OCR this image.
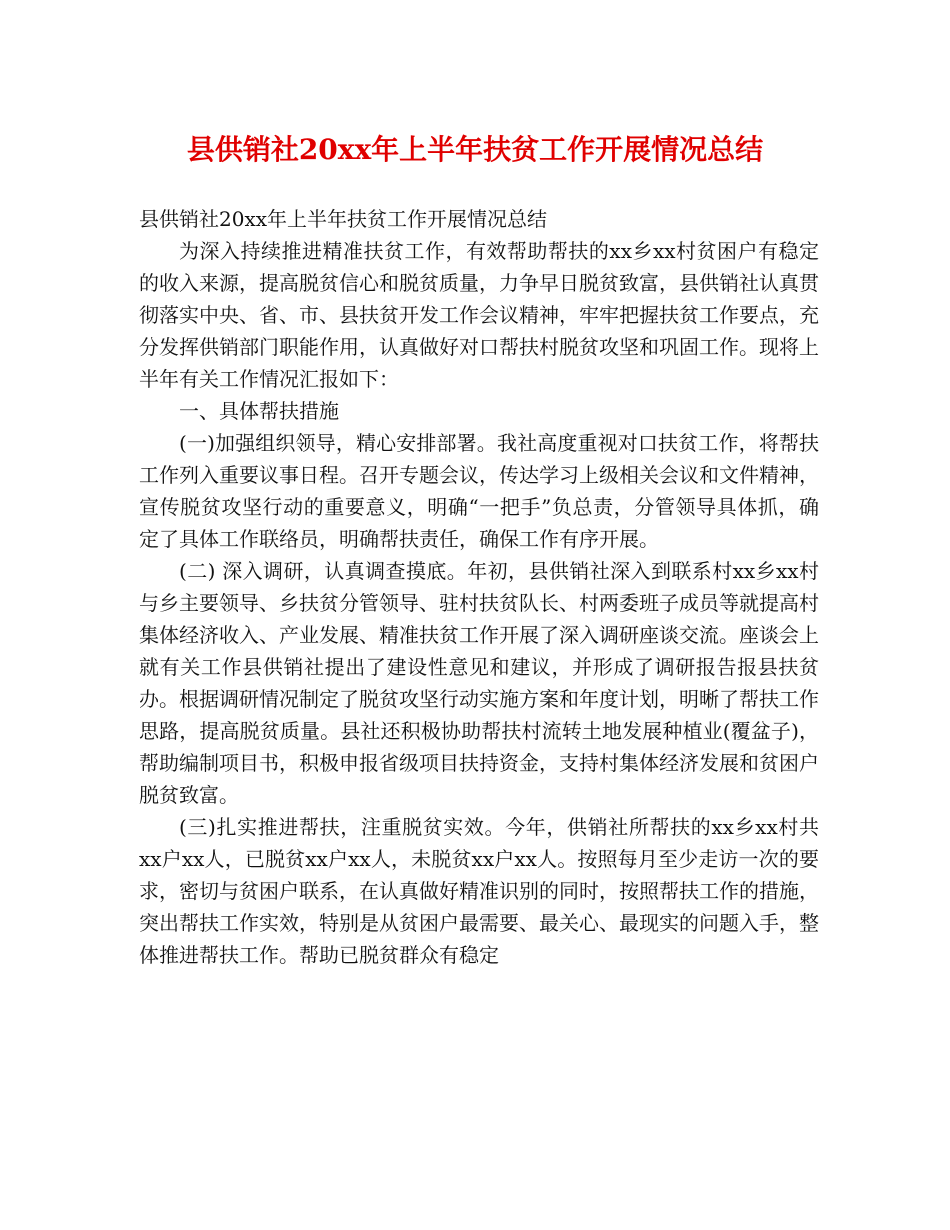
县供销社20xx年上半年扶贫工作开展情况总结

县供销社20xx年上半年扶贫工作开展情况总结

为深入持续推进精准扶贫工作，有效帮助帮扶的xx乡xx村贫困户有稳定的收入来源，提高脱贫信心和脱贫质量，力争早日脱贫致富，县供销社认真贯彻落实中央、省、市、县扶贫开发工作会议精神，牢牢把握扶贫工作要点，充分发挥供销部门职能作用，认真做好对口帮扶村脱贫攻坚和巩固工作。现将上半年有关工作情况汇报如下：

一、具体帮扶措施

(一)加强组织领导，精心安排部署。我社高度重视对口扶贫工作，将帮扶工作列入重要议事日程。召开专题会议，传达学习上级相关会议和文件精神，宣传脱贫攻坚行动的重要意义，明确“一把手”负总责，分管领导具体抓，确定了具体工作联络员，明确帮扶责任，确保工作有序开展。

(二) 深入调研，认真调查摸底。年初，县供销社深入到联系村xx乡xx村与乡主要领导、乡扶贫分管领导、驻村扶贫队长、村两委班子成员等就提高村集体经济收入、产业发展、精准扶贫工作开展了深入调研座谈交流。座谈会上就有关工作县供销社提出了建设性意见和建议，并形成了调研报告报县扶贫办。根据调研情况制定了脱贫攻坚行动实施方案和年度计划，明晰了帮扶工作思路，提高脱贫质量。县社还积极协助帮扶村流转土地发展种植业(覆盆子)，帮助编制项目书，积极申报省级项目扶持资金，支持村集体经济发展和贫困户脱贫致富。

(三)扎实推进帮扶，注重脱贫实效。今年，供销社所帮扶的xx乡xx村共xx户xx人，已脱贫xx户xx人，未脱贫xx户xx人。按照每月至少走访一次的要求，密切与贫困户联系，在认真做好精准识别的同时，按照帮扶工作的措施，突出帮扶工作实效，特别是从贫困户最需要、最关心、最现实的问题入手，整体推进帮扶工作。帮助已脱贫群众有稳定
